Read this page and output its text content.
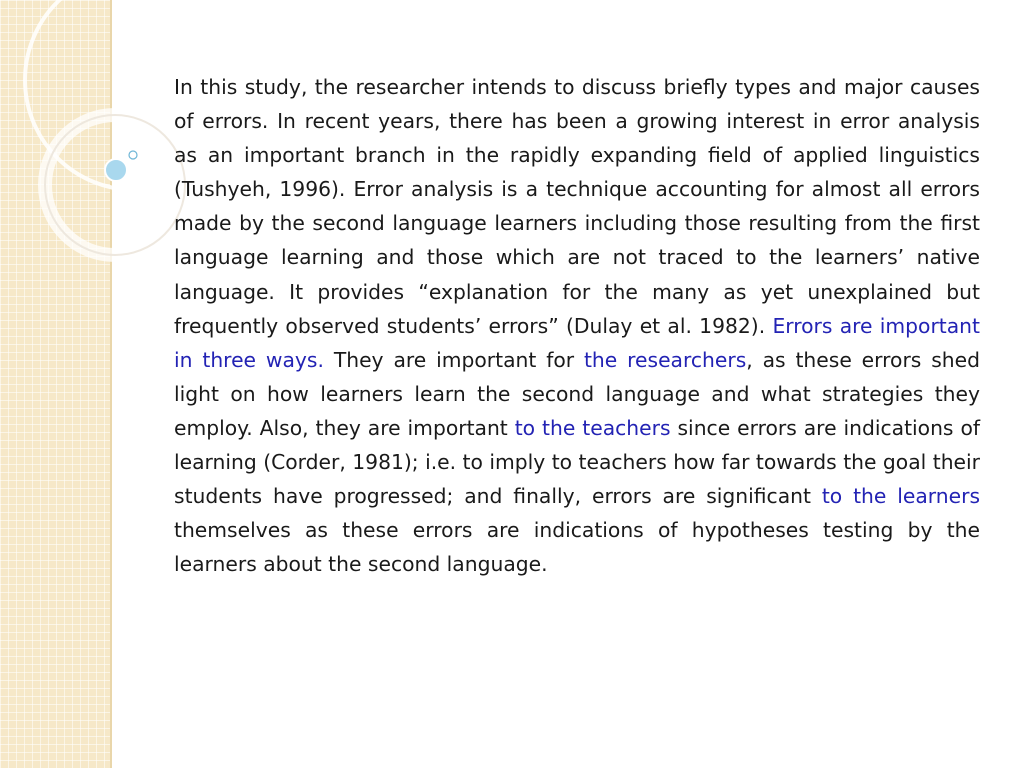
In this study, the researcher intends to discuss briefly types and major causes of errors. In recent years, there has been a growing interest in error analysis as an important branch in the rapidly expanding field of applied linguistics (Tushyeh, 1996). Error analysis is a technique accounting for almost all errors made by the second language learners including those resulting from the first language learning and those which are not traced to the learners’ native language. It provides “explanation for the many as yet unexplained but frequently observed students’ errors” (Dulay et al. 1982). Errors are important in three ways. They are important for the researchers, as these errors shed light on how learners learn the second language and what strategies they employ. Also, they are important to the teachers since errors are indications of learning (Corder, 1981); i.e. to imply to teachers how far towards the goal their students have progressed; and finally, errors are significant to the learners themselves as these errors are indications of hypotheses testing by the learners about the second language.
